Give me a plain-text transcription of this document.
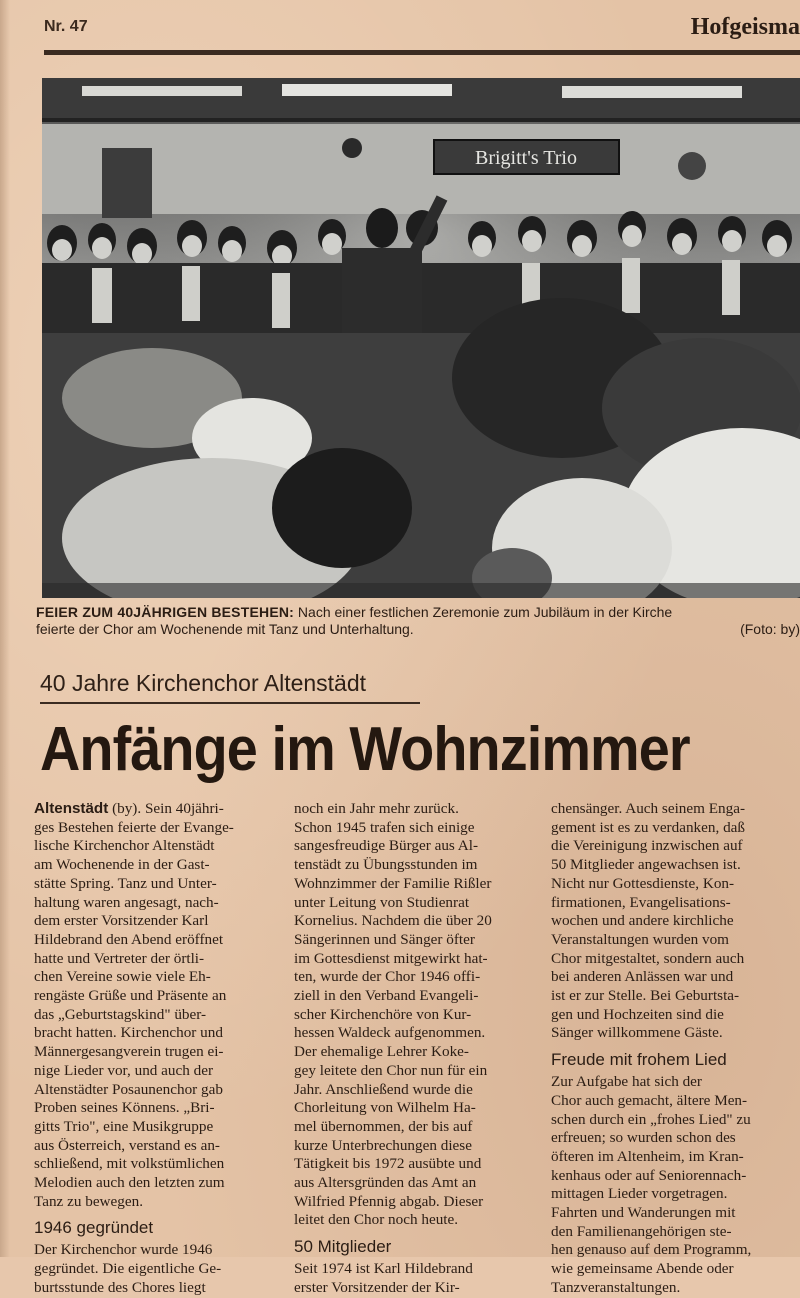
Nr. 47	Hofgeisma
Brigitt's Trio
FEIER ZUM 40JÄHRIGEN BESTEHEN: Nach einer festlichen Zeremonie zum Jubiläum in der Kirche
feierte der Chor am Wochenende mit Tanz und Unterhaltung.	(Foto: by)
40 Jahre Kirchenchor Altenstädt
Anfänge im Wohnzimmer

Altenstädt (by). Sein 40jähri-

ges Bestehen feierte der Evange-

lische Kirchenchor Altenstädt

am Wochenende in der Gast-

stätte Spring. Tanz und Unter-

haltung waren angesagt, nach-

dem erster Vorsitzender Karl

Hildebrand den Abend eröffnet

hatte und Vertreter der örtli-

chen Vereine sowie viele Eh-

rengäste Grüße und Präsente an

das „Geburtstagskind" über-

bracht hatten. Kirchenchor und

Männergesangverein trugen ei-

nige Lieder vor, und auch der

Altenstädter Posaunenchor gab

Proben seines Könnens. „Bri-

gitts Trio", eine Musikgruppe

aus Österreich, verstand es an-

schließend, mit volkstümlichen

Melodien auch den letzten zum

Tanz zu bewegen.

1946 gegründet

Der Kirchenchor wurde 1946

gegründet. Die eigentliche Ge-

burtsstunde des Chores liegt

noch ein Jahr mehr zurück.

Schon 1945 trafen sich einige

sangesfreudige Bürger aus Al-

tenstädt zu Übungsstunden im

Wohnzimmer der Familie Rißler

unter Leitung von Studienrat

Kornelius. Nachdem die über 20

Sängerinnen und Sänger öfter

im Gottesdienst mitgewirkt hat-

ten, wurde der Chor 1946 offi-

ziell in den Verband Evangeli-

scher Kirchenchöre von Kur-

hessen Waldeck aufgenommen.

Der ehemalige Lehrer Koke-

gey leitete den Chor nun für ein

Jahr. Anschließend wurde die

Chorleitung von Wilhelm Ha-

mel übernommen, der bis auf

kurze Unterbrechungen diese

Tätigkeit bis 1972 ausübte und

aus Altersgründen das Amt an

Wilfried Pfennig abgab. Dieser

leitet den Chor noch heute.

50 Mitglieder

Seit 1974 ist Karl Hildebrand

erster Vorsitzender der Kir-

chensänger. Auch seinem Enga-

gement ist es zu verdanken, daß

die Vereinigung inzwischen auf

50 Mitglieder angewachsen ist.

Nicht nur Gottesdienste, Kon-

firmationen, Evangelisations-

wochen und andere kirchliche

Veranstaltungen wurden vom

Chor mitgestaltet, sondern auch

bei anderen Anlässen war und

ist er zur Stelle. Bei Geburtsta-

gen und Hochzeiten sind die

Sänger willkommene Gäste.

Freude mit frohem Lied

Zur Aufgabe hat sich der

Chor auch gemacht, ältere Men-

schen durch ein „frohes Lied" zu

erfreuen; so wurden schon des

öfteren im Altenheim, im Kran-

kenhaus oder auf Seniorennach-

mittagen Lieder vorgetragen.

Fahrten und Wanderungen mit

den Familienangehörigen ste-

hen genauso auf dem Programm,

wie gemeinsame Abende oder

Tanzveranstaltungen.
